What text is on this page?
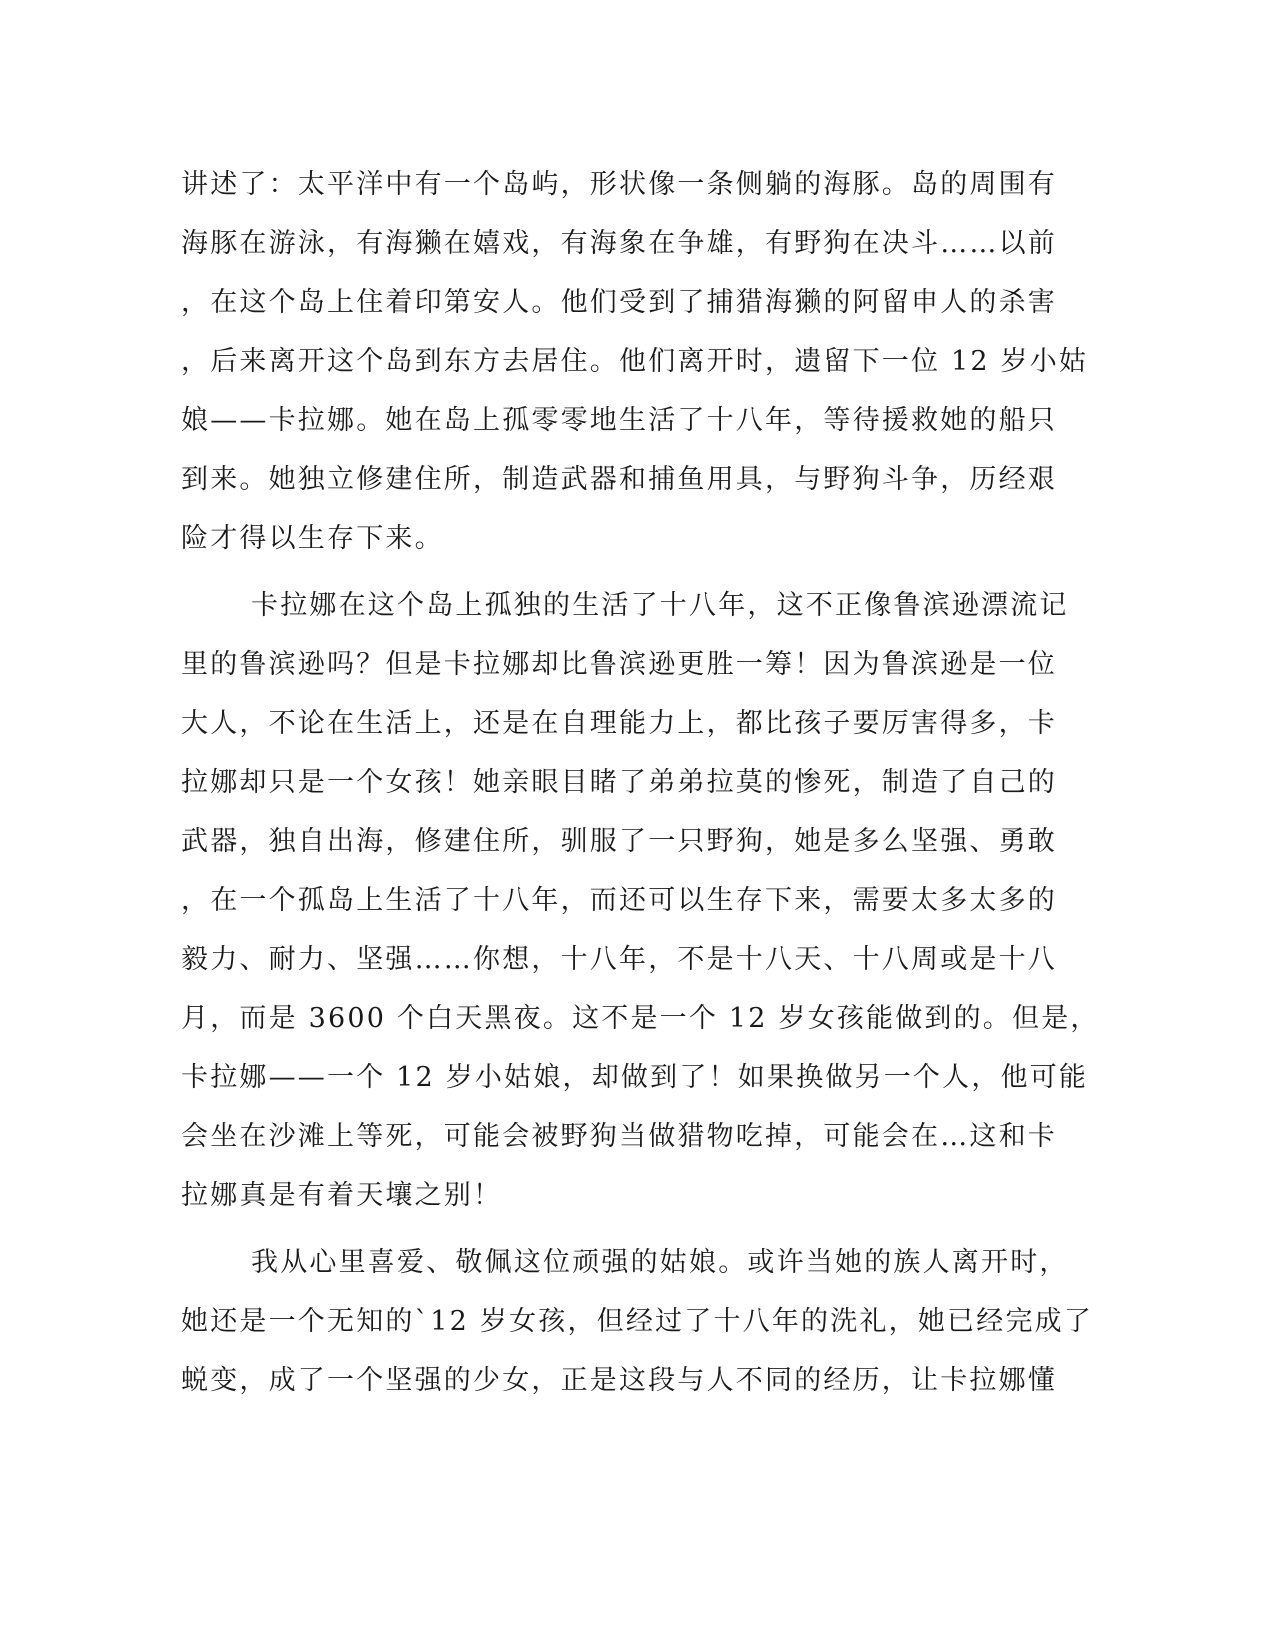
讲述了：太平洋中有一个岛屿，形状像一条侧躺的海豚。岛的周围有
海豚在游泳，有海獭在嬉戏，有海象在争雄，有野狗在决斗……以前
，在这个岛上住着印第安人。他们受到了捕猎海獭的阿留申人的杀害
，后来离开这个岛到东方去居住。他们离开时，遗留下一位 12 岁小姑
娘——卡拉娜。她在岛上孤零零地生活了十八年，等待援救她的船只
到来。她独立修建住所，制造武器和捕鱼用具，与野狗斗争，历经艰
险才得以生存下来。
卡拉娜在这个岛上孤独的生活了十八年，这不正像鲁滨逊漂流记
里的鲁滨逊吗？但是卡拉娜却比鲁滨逊更胜一筹！因为鲁滨逊是一位
大人，不论在生活上，还是在自理能力上，都比孩子要厉害得多，卡
拉娜却只是一个女孩！她亲眼目睹了弟弟拉莫的惨死，制造了自己的
武器，独自出海，修建住所，驯服了一只野狗，她是多么坚强、勇敢
，在一个孤岛上生活了十八年，而还可以生存下来，需要太多太多的
毅力、耐力、坚强……你想，十八年，不是十八天、十八周或是十八
月，而是 3600 个白天黑夜。这不是一个 12 岁女孩能做到的。但是，
卡拉娜——一个 12 岁小姑娘，却做到了！如果换做另一个人，他可能
会坐在沙滩上等死，可能会被野狗当做猎物吃掉，可能会在…这和卡
拉娜真是有着天壤之别！
我从心里喜爱、敬佩这位顽强的姑娘。或许当她的族人离开时，
她还是一个无知的`12 岁女孩，但经过了十八年的洗礼，她已经完成了
蜕变，成了一个坚强的少女，正是这段与人不同的经历，让卡拉娜懂
